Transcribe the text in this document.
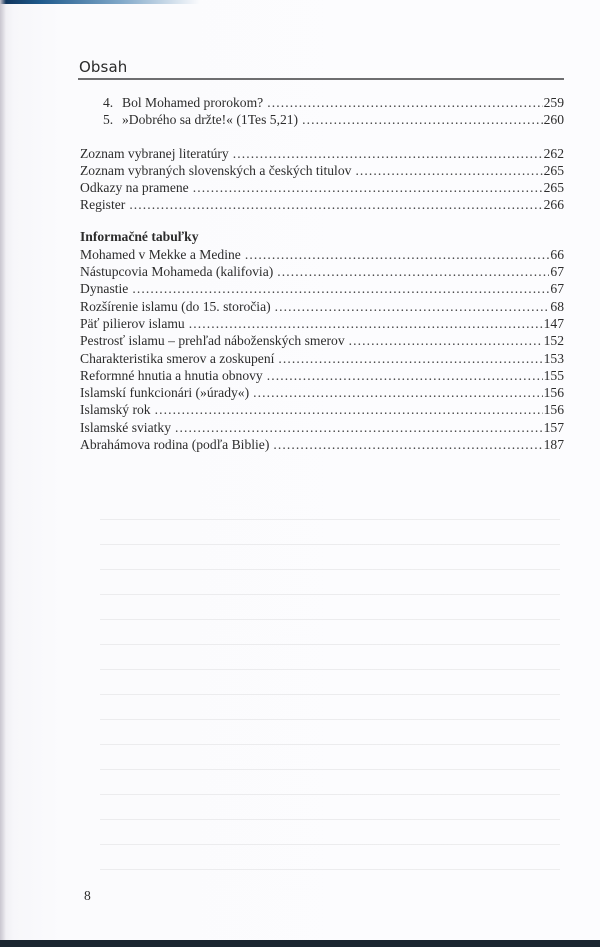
Obsah
4. Bol Mohamed prorokom? .....	259
5. »Dobrého sa držte!« (1Tes 5,21) .....	260
Zoznam vybranej literatúry .....	262
Zoznam vybraných slovenských a českých titulov .....	265
Odkazy na pramene .....	265
Register .....	266
Informačné tabuľky
Mohamed v Mekke a Medine .....	66
Nástupcovia Mohameda (kalifovia) .....	67
Dynastie .....	67
Rozšírenie islamu (do 15. storočia) .....	68
Päť pilierov islamu .....	147
Pestrosť islamu – prehľad náboženských smerov .....	152
Charakteristika smerov a zoskupení .....	153
Reformné hnutia a hnutia obnovy .....	155
Islamskí funkcionári (»úrady«) .....	156
Islamský rok .....	156
Islamské sviatky .....	157
Abrahámova rodina (podľa Biblie) .....	187
8
